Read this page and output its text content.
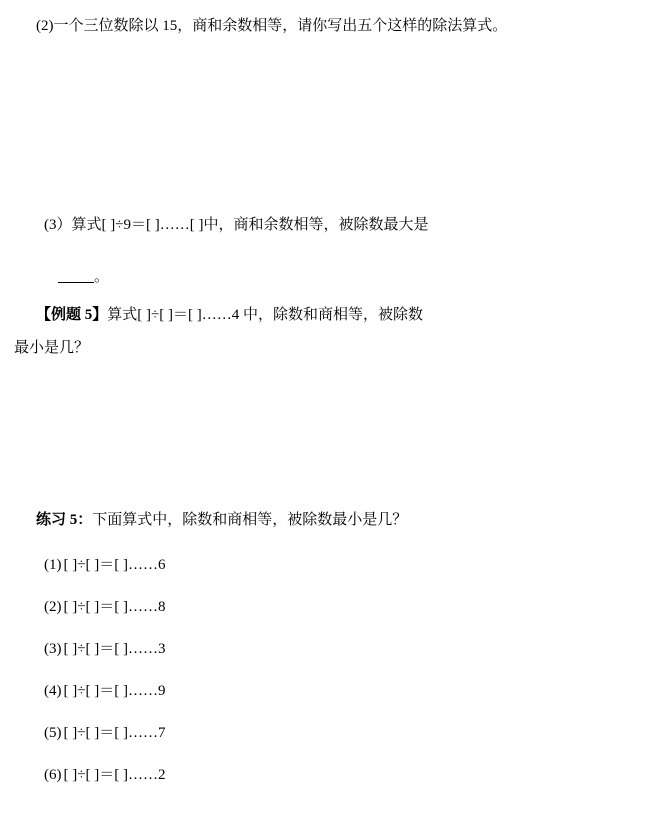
(2)一个三位数除以 15，商和余数相等，请你写出五个这样的除法算式。
(3）算式[ ]÷9＝[ ]……[ ]中，商和余数相等，被除数最大是
。
【例题 5】算式[ ]÷[ ]＝[ ]……4 中，除数和商相等，被除数
最小是几？
练习 5：下面算式中，除数和商相等，被除数最小是几？
(1) [ ]÷[ ]＝[ ]……6
(2) [ ]÷[ ]＝[ ]……8
(3) [ ]÷[ ]＝[ ]……3
(4) [ ]÷[ ]＝[ ]……9
(5) [ ]÷[ ]＝[ ]……7
(6) [ ]÷[ ]＝[ ]……2
